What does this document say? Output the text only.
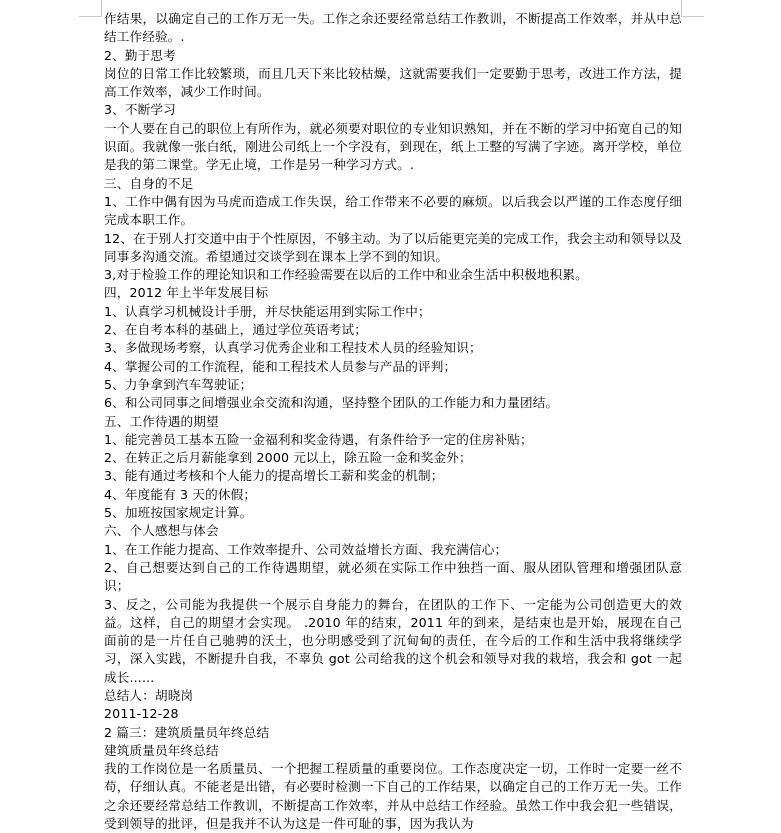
作结果，以确定自己的工作万无一失。工作之余还要经常总结工作教训，不断提高工作效率，并从中总结工作经验。.

2、勤于思考

岗位的日常工作比较繁琐，而且几天下来比较枯燥，这就需要我们一定要勤于思考，改进工作方法，提高工作效率，减少工作时间。

3、不断学习

一个人要在自己的职位上有所作为，就必须要对职位的专业知识熟知，并在不断的学习中拓宽自己的知识面。我就像一张白纸，刚进公司纸上一个字没有，到现在，纸上工整的写满了字迹。离开学校，单位是我的第二课堂。学无止境，工作是另一种学习方式。.

三、自身的不足

1、工作中偶有因为马虎而造成工作失误，给工作带来不必要的麻烦。以后我会以严谨的工作态度仔细完成本职工作。

12、在于别人打交道中由于个性原因，不够主动。为了以后能更完美的完成工作，我会主动和领导以及同事多沟通交流。希望通过交谈学到在课本上学不到的知识。

3,对于检验工作的理论知识和工作经验需要在以后的工作中和业余生活中积极地积累。

四，2012 年上半年发展目标

1、认真学习机械设计手册，并尽快能运用到实际工作中；

2、在自考本科的基础上，通过学位英语考试；

3、多做现场考察，认真学习优秀企业和工程技术人员的经验知识；

4、掌握公司的工作流程，能和工程技术人员参与产品的评判；

5、力争拿到汽车驾驶证；

6、和公司同事之间增强业余交流和沟通，坚持整个团队的工作能力和力量团结。

五、工作待遇的期望

1、能完善员工基本五险一金福利和奖金待遇，有条件给予一定的住房补贴；

2、在转正之后月薪能拿到 2000 元以上，除五险一金和奖金外；

3、能有通过考核和个人能力的提高增长工薪和奖金的机制；

4、年度能有 3 天的休假；

5、加班按国家规定计算。

六、个人感想与体会

1、在工作能力提高、工作效率提升、公司效益增长方面、我充满信心；

2、自己想要达到自己的工作待遇期望，就必须在实际工作中独挡一面、服从团队管理和增强团队意识；

3、反之，公司能为我提供一个展示自身能力的舞台，在团队的工作下、一定能为公司创造更大的效益。这样，自己的期望才会实现。 .2010 年的结束，2011 年的到来，是结束也是开始，展现在自己面前的是一片任自己驰骋的沃土，也分明感受到了沉甸甸的责任，在今后的工作和生活中我将继续学习，深入实践，不断提升自我，不辜负 got 公司给我的这个机会和领导对我的栽培，我会和 got 一起成长......

总结人：胡晓岗

2011-12-28

2 篇三：建筑质量员年终总结

建筑质量员年终总结

我的工作岗位是一名质量员、一个把握工程质量的重要岗位。工作态度决定一切，工作时一定要一丝不苟，仔细认真。不能老是出错，有必要时检测一下自己的工作结果，以确定自己的工作万无一失。工作之余还要经常总结工作教训，不断提高工作效率，并从中总结工作经验。虽然工作中我会犯一些错误，受到领导的批评，但是我并不认为这是一件可耻的事，因为我认为
